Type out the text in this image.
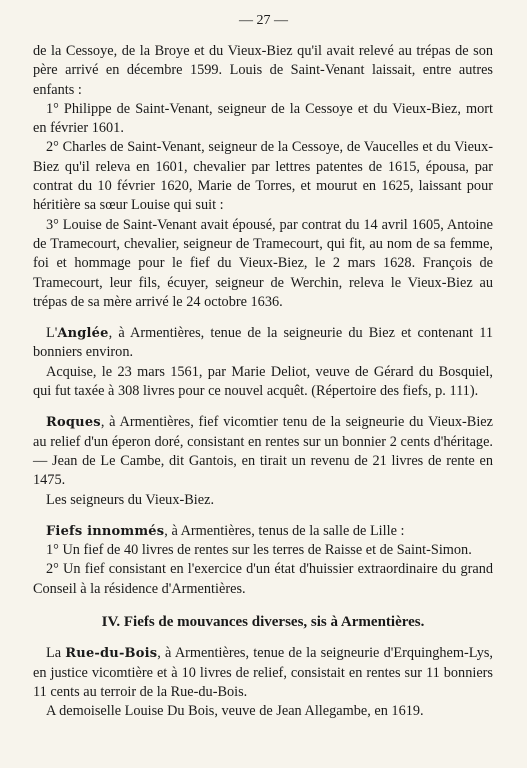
— 27 —

de la Cessoye, de la Broye et du Vieux-Biez qu'il avait relevé au trépas de son père arrivé en décembre 1599. Louis de Saint-Venant laissait, entre autres enfants :

1° Philippe de Saint-Venant, seigneur de la Cessoye et du Vieux-Biez, mort en février 1601.

2° Charles de Saint-Venant, seigneur de la Cessoye, de Vaucelles et du Vieux-Biez qu'il releva en 1601, chevalier par lettres patentes de 1615, épousa, par contrat du 10 février 1620, Marie de Torres, et mourut en 1625, laissant pour héritière sa sœur Louise qui suit :

3° Louise de Saint-Venant avait épousé, par contrat du 14 avril 1605, Antoine de Tramecourt, chevalier, seigneur de Tramecourt, qui fit, au nom de sa femme, foi et hommage pour le fief du Vieux-Biez, le 2 mars 1628. François de Tramecourt, leur fils, écuyer, seigneur de Werchin, releva le Vieux-Biez au trépas de sa mère arrivé le 24 octobre 1636.

L'Anglée, à Armentières, tenue de la seigneurie du Biez et contenant 11 bonniers environ.

Acquise, le 23 mars 1561, par Marie Deliot, veuve de Gérard du Bosquiel, qui fut taxée à 308 livres pour ce nouvel acquêt. (Répertoire des fiefs, p. 111).

Roques, à Armentières, fief vicomtier tenu de la seigneurie du Vieux-Biez au relief d'un éperon doré, consistant en rentes sur un bonnier 2 cents d'héritage. — Jean de Le Cambe, dit Gantois, en tirait un revenu de 21 livres de rente en 1475.

Les seigneurs du Vieux-Biez.

Fiefs innommés, à Armentières, tenus de la salle de Lille :

1° Un fief de 40 livres de rentes sur les terres de Raisse et de Saint-Simon.

2° Un fief consistant en l'exercice d'un état d'huissier extraordinaire du grand Conseil à la résidence d'Armentières.

IV. Fiefs de mouvances diverses, sis à Armentières.

La Rue-du-Bois, à Armentières, tenue de la seigneurie d'Erquinghem-Lys, en justice vicomtière et à 10 livres de relief, consistait en rentes sur 11 bonniers 11 cents au terroir de la Rue-du-Bois.

A demoiselle Louise Du Bois, veuve de Jean Allegambe, en 1619.
